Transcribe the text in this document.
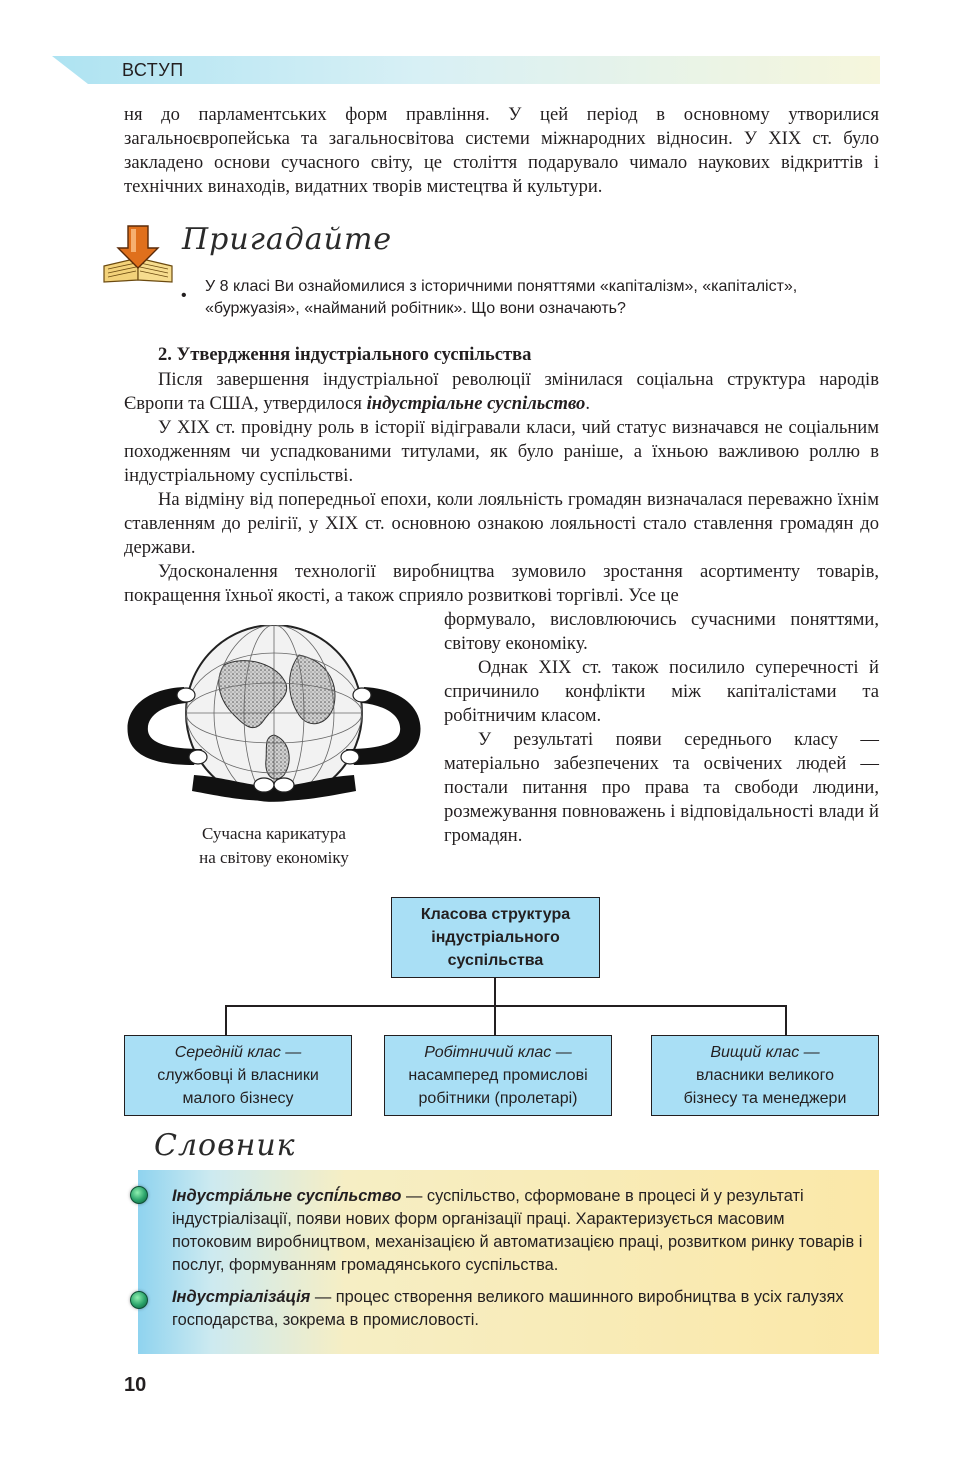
ВСТУП

ня до парламентських форм правління. У цей період в основному утворилися загальноєвропейська та загальносвітова системи міжнародних відносин. У XIX ст. було закладено основи сучасного світу, це століття подарувало чимало наукових відкриттів і технічних винаходів, видатних творів мистецтва й культури.

Пригадайте
•
У 8 класі Ви ознайомилися з історичними поняттями «капіталізм», «капіталіст», «буржуазія», «найманий робітник». Що вони означають?
2. Утвердження індустріального суспільства

Після завершення індустріальної революції змінилася соціальна структура народів Європи та США, утвердилося індустріальне суспільство.

У XIX ст. провідну роль в історії відігравали класи, чий статус визначався не соціальним походженням чи успадкованими титулами, як було раніше, а їхньою важливою роллю в індустріальному суспільстві.

На відміну від попередньої епохи, коли лояльність громадян визначалася переважно їхнім ставленням до релігії, у XIX ст. основною ознакою лояльності стало ставлення громадян до держави.

Удосконалення технології виробництва зумовило зростання асортименту товарів, покращення їхньої якості, а також сприяло розвиткові торгівлі. Усе це

Сучасна карикатура
на світову економіку

формувало, висловлюючись сучасними поняттями, світову економіку.

Однак XIX ст. також посилило суперечності й спричинило конфлікти між капіталістами та робітничим класом.

У результаті появи середнього класу — матеріально забезпечених та освічених людей — постали питання про права та свободи людини, розмежування повноважень і відповідальності влади й громадян.

Класова структура
індустріального
суспільства
Середній клас —
службовці й власники
малого бізнесу
Робітничий клас —
насамперед промислові
робітники (пролетарі)
Вищий клас —
власники великого
бізнесу та менеджери
Словник

Індустріа́льне суспі́льство — суспільство, сформоване в процесі й у результаті індустріалізації, появи нових форм організації праці. Характеризується масовим потоковим виробництвом, механізацією й автоматизацією праці, розвитком ринку товарів і послуг, формуванням громадянського суспільства.

Індустріаліза́ція — процес створення великого машинного виробництва в усіх галузях господарства, зокрема в промисловості.

10
